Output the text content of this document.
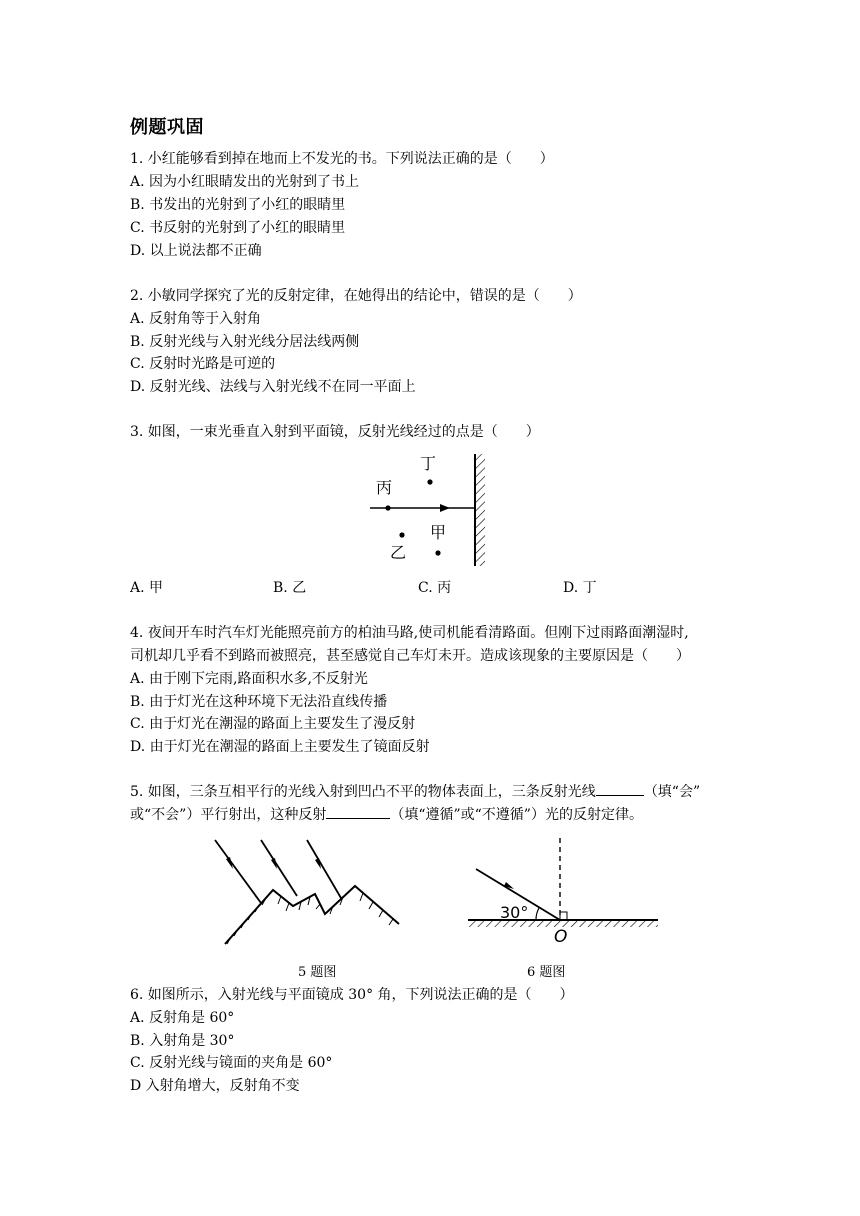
例题巩固
1. 小红能够看到掉在地而上不发光的书。下列说法正确的是（　　）
A. 因为小红眼睛发出的光射到了书上
B. 书发出的光射到了小红的眼睛里
C. 书反射的光射到了小红的眼睛里
D. 以上说法都不正确
2. 小敏同学探究了光的反射定律，在她得出的结论中，错误的是（　　）
A. 反射角等于入射角
B. 反射光线与入射光线分居法线两侧
C. 反射时光路是可逆的
D. 反射光线、法线与入射光线不在同一平面上
3. 如图，一束光垂直入射到平面镜，反射光线经过的点是（　　）
丁
丙
甲
乙
A. 甲	B. 乙	C. 丙	D. 丁
4. 夜间开车时汽车灯光能照亮前方的柏油马路,使司机能看清路面。但刚下过雨路面潮湿时,
司机却几乎看不到路而被照亮，甚至感觉自己车灯未开。造成该现象的主要原因是（　　）
A. 由于刚下完雨,路面积水多,不反射光
B. 由于灯光在这种环境下无法沿直线传播
C. 由于灯光在潮湿的路面上主要发生了漫反射
D. 由于灯光在潮湿的路面上主要发生了镜面反射
5. 如图，三条互相平行的光线入射到凹凸不平的物体表面上，三条反射光线	（填“会”
或“不会”）平行射出，这种反射	（填“遵循”或“不遵循”）光的反射定律。
30°
O
5 题图	6 题图
6. 如图所示，入射光线与平面镜成 30° 角，下列说法正确的是（　　）
A. 反射角是 60°
B. 入射角是 30°
C. 反射光线与镜面的夹角是 60°
D 入射角增大，反射角不变
